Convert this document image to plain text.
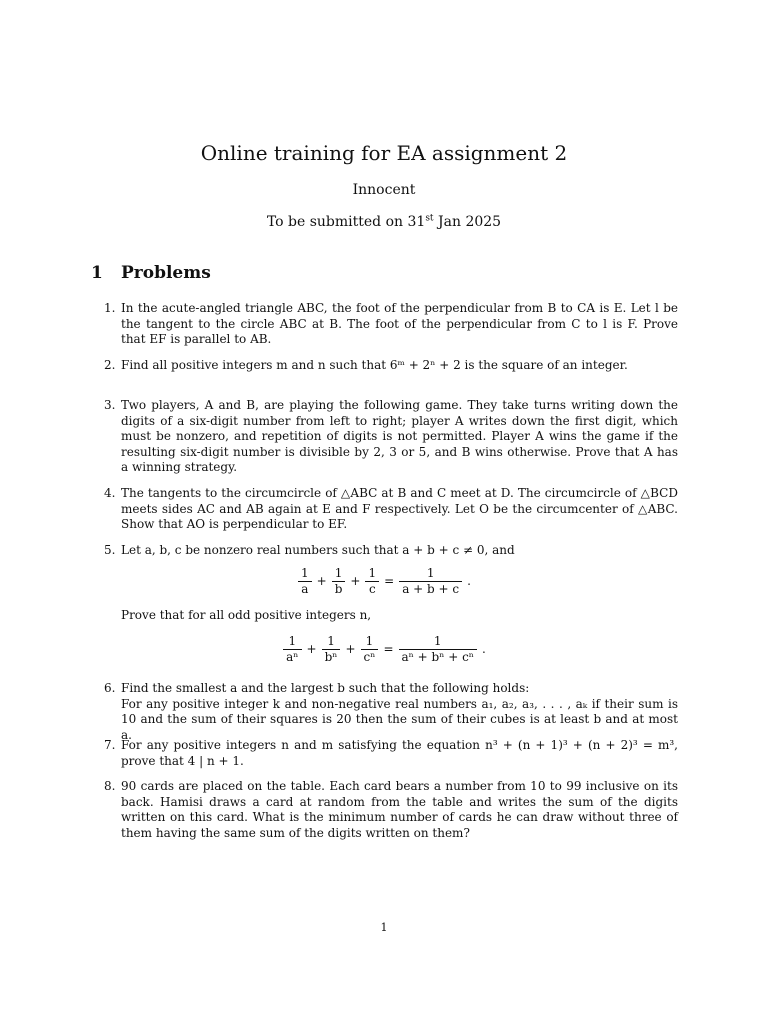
Online training for EA assignment 2
Innocent
To be submitted on 31st Jan 2025
1 Problems
1. In the acute-angled triangle ABC, the foot of the perpendicular from B to CA is E. Let l be the tangent to the circle ABC at B. The foot of the perpendicular from C to l is F. Prove that EF is parallel to AB.
2. Find all positive integers m and n such that 6ᵐ + 2ⁿ + 2 is the square of an integer.
3. Two players, A and B, are playing the following game. They take turns writing down the digits of a six-digit number from left to right; player A writes down the first digit, which must be nonzero, and repetition of digits is not permitted. Player A wins the game if the resulting six-digit number is divisible by 2, 3 or 5, and B wins otherwise. Prove that A has a winning strategy.
4. The tangents to the circumcircle of △ABC at B and C meet at D. The circumcircle of △BCD meets sides AC and AB again at E and F respectively. Let O be the circumcenter of △ABC. Show that AO is perpendicular to EF.
5. Let a, b, c be nonzero real numbers such that a + b + c ≠ 0, and
$\frac{1}{a} + \frac{1}{b} + \frac{1}{c} = \frac{1}{a + b + c}$ .
Prove that for all odd positive integers n,
$\frac{1}{\text{aⁿ}} + \frac{1}{\text{bⁿ}} + \frac{1}{\text{cⁿ}} = \frac{1}{\text{aⁿ + bⁿ + cⁿ}}$ .
6. Find the smallest a and the largest b such that the following holds:
For any positive integer k and non-negative real numbers a₁, a₂, a₃, . . . , aₖ if their sum is 10 and the sum of their squares is 20 then the sum of their cubes is at least b and at most a.
7. For any positive integers n and m satisfying the equation n³ + (n + 1)³ + (n + 2)³ = m³, prove that 4 | n + 1.
8. 90 cards are placed on the table. Each card bears a number from 10 to 99 inclusive on its back. Hamisi draws a card at random from the table and writes the sum of the digits written on this card. What is the minimum number of cards he can draw without three of them having the same sum of the digits written on them?
1
